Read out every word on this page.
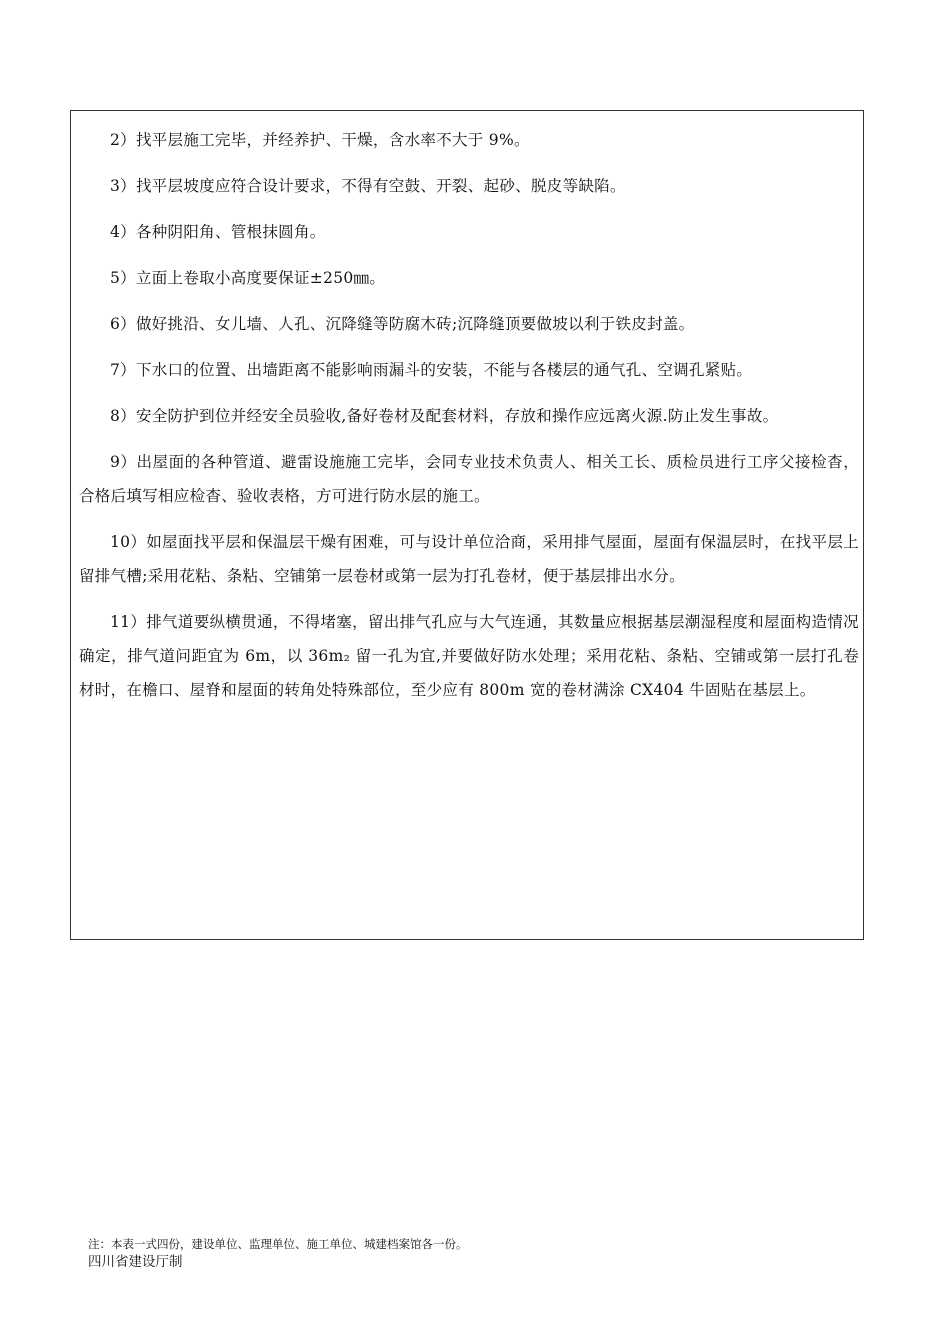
2）找平层施工完毕，并经养护、干燥，含水率不大于 9%。

3）找平层坡度应符合设计要求，不得有空鼓、开裂、起砂、脱皮等缺陷。

4）各种阴阳角、管根抹圆角。

5）立面上卷取小高度要保证±250㎜。

6）做好挑沿、女儿墙、人孔、沉降缝等防腐木砖;沉降缝顶要做坡以利于铁皮封盖。

7）下水口的位置、出墙距离不能影响雨漏斗的安装，不能与各楼层的通气孔、空调孔紧贴。

8）安全防护到位并经安全员验收,备好卷材及配套材料，存放和操作应远离火源.防止发生事故。

9）出屋面的各种管道、避雷设施施工完毕，会同专业技术负责人、相关工长、质检员进行工序父接检杳，合格后填写相应检杳、验收表格，方可进行防水层的施工。

10）如屋面找平层和保温层干燥有困难，可与设计单位洽商，采用排气屋面，屋面有保温层时，在找平层上留排气槽;采用花粘、条粘、空铺第一层卷材或第一层为打孔卷材，便于基层排出水分。

11）排气道要纵横贯通，不得堵塞，留出排气孔应与大气连通，其数量应根据基层潮湿程度和屋面构造情况确定，排气道问距宜为 6m，以 36m₂ 留一孔为宜,并要做好防水处理；采用花粘、条粘、空铺或第一层打孔卷材时，在檐口、屋脊和屋面的转角处特殊部位，至少应有 800m 宽的卷材满涂 CX404 牛固贴在基层上。

注：本表一式四份，建设单位、监理单位、施工单位、城建档案馆各一份。
四川省建设厅制
